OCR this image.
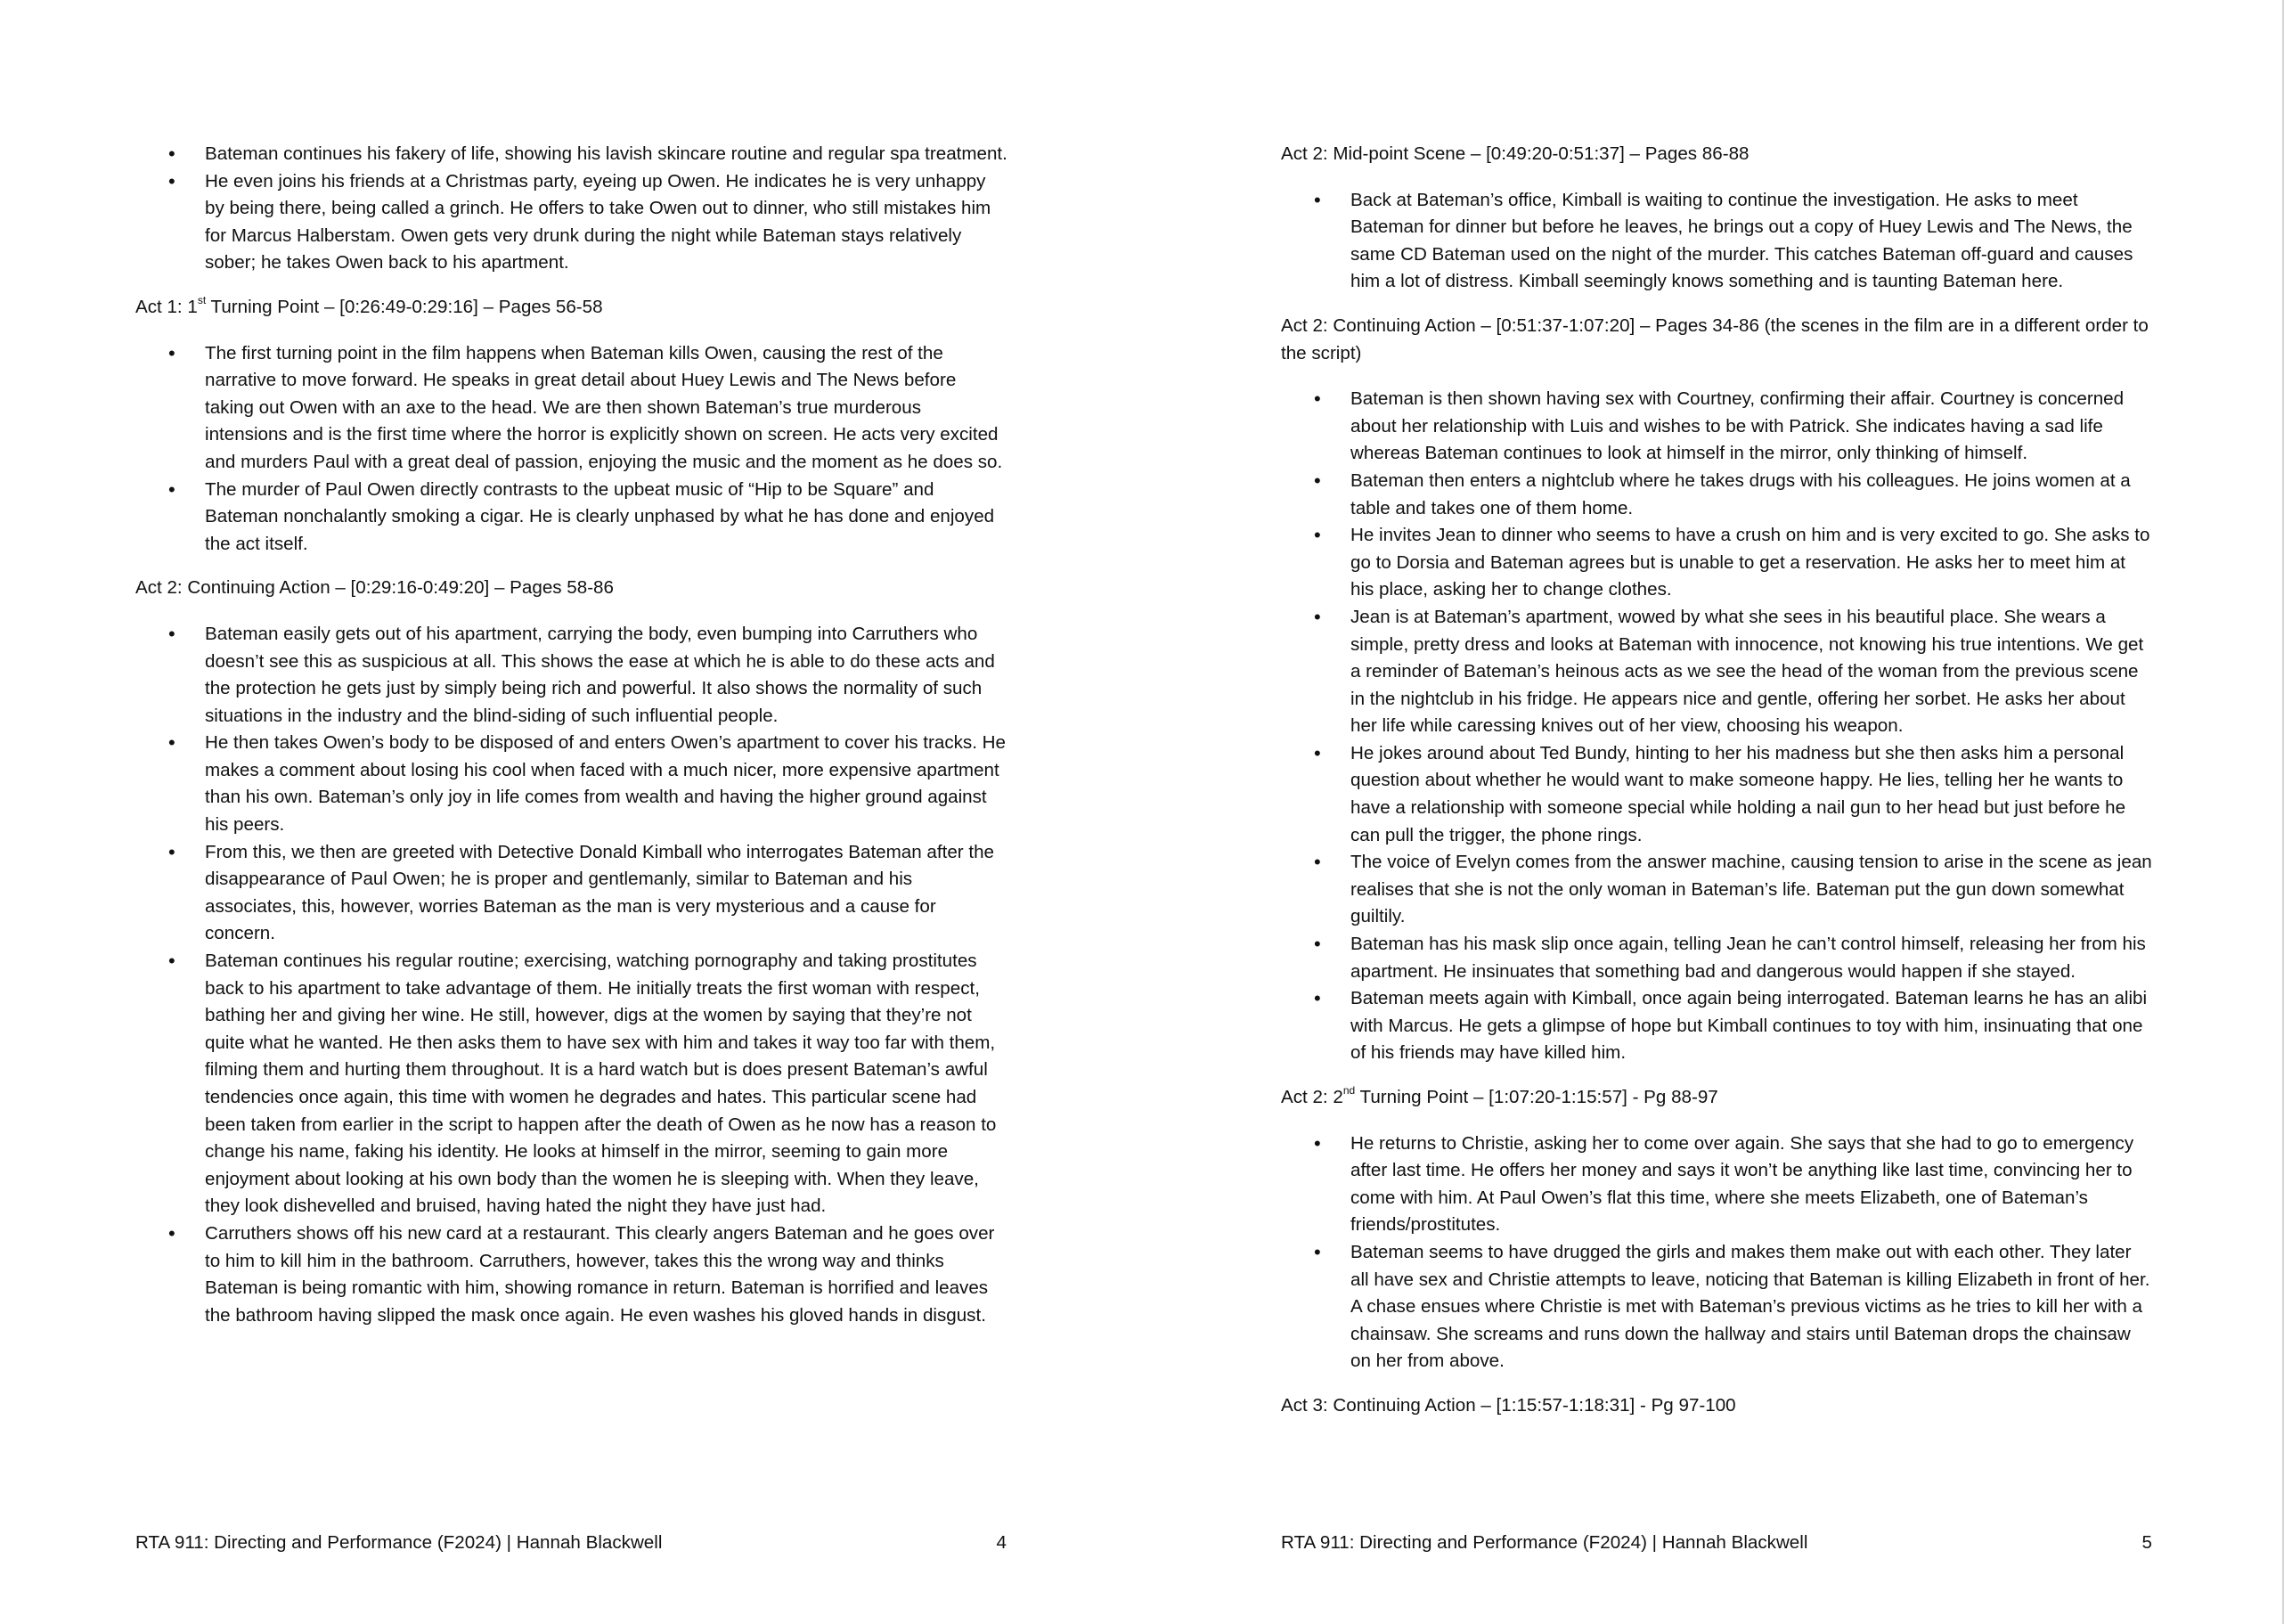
• Bateman continues his fakery of life, showing his lavish skincare routine and regular spa treatment.
• He even joins his friends at a Christmas party, eyeing up Owen. He indicates he is very unhappy by being there, being called a grinch. He offers to take Owen out to dinner, who still mistakes him for Marcus Halberstam. Owen gets very drunk during the night while Bateman stays relatively sober; he takes Owen back to his apartment.

Act 1: 1st Turning Point – [0:26:49-0:29:16] – Pages 56-58

• The first turning point in the film happens when Bateman kills Owen, causing the rest of the narrative to move forward. He speaks in great detail about Huey Lewis and The News before taking out Owen with an axe to the head. We are then shown Bateman’s true murderous intensions and is the first time where the horror is explicitly shown on screen. He acts very excited and murders Paul with a great deal of passion, enjoying the music and the moment as he does so.
• The murder of Paul Owen directly contrasts to the upbeat music of “Hip to be Square” and Bateman nonchalantly smoking a cigar. He is clearly unphased by what he has done and enjoyed the act itself.

Act 2: Continuing Action – [0:29:16-0:49:20] – Pages 58-86

• Bateman easily gets out of his apartment, carrying the body, even bumping into Carruthers who doesn’t see this as suspicious at all. This shows the ease at which he is able to do these acts and the protection he gets just by simply being rich and powerful. It also shows the normality of such situations in the industry and the blind-siding of such influential people.
• He then takes Owen’s body to be disposed of and enters Owen’s apartment to cover his tracks. He makes a comment about losing his cool when faced with a much nicer, more expensive apartment than his own. Bateman’s only joy in life comes from wealth and having the higher ground against his peers.
• From this, we then are greeted with Detective Donald Kimball who interrogates Bateman after the disappearance of Paul Owen; he is proper and gentlemanly, similar to Bateman and his associates, this, however, worries Bateman as the man is very mysterious and a cause for concern.
• Bateman continues his regular routine; exercising, watching pornography and taking prostitutes back to his apartment to take advantage of them. He initially treats the first woman with respect, bathing her and giving her wine. He still, however, digs at the women by saying that they’re not quite what he wanted. He then asks them to have sex with him and takes it way too far with them, filming them and hurting them throughout. It is a hard watch but is does present Bateman’s awful tendencies once again, this time with women he degrades and hates. This particular scene had been taken from earlier in the script to happen after the death of Owen as he now has a reason to change his name, faking his identity. He looks at himself in the mirror, seeming to gain more enjoyment about looking at his own body than the women he is sleeping with. When they leave, they look dishevelled and bruised, having hated the night they have just had.
• Carruthers shows off his new card at a restaurant. This clearly angers Bateman and he goes over to him to kill him in the bathroom. Carruthers, however, takes this the wrong way and thinks Bateman is being romantic with him, showing romance in return. Bateman is horrified and leaves the bathroom having slipped the mask once again. He even washes his gloved hands in disgust.
RTA 911: Directing and Performance (F2024) | Hannah Blackwell	4

Act 2: Mid-point Scene – [0:49:20-0:51:37] – Pages 86-88

• Back at Bateman’s office, Kimball is waiting to continue the investigation. He asks to meet Bateman for dinner but before he leaves, he brings out a copy of Huey Lewis and The News, the same CD Bateman used on the night of the murder. This catches Bateman off-guard and causes him a lot of distress. Kimball seemingly knows something and is taunting Bateman here.

Act 2: Continuing Action – [0:51:37-1:07:20] – Pages 34-86 (the scenes in the film are in a different order to the script)

• Bateman is then shown having sex with Courtney, confirming their affair. Courtney is concerned about her relationship with Luis and wishes to be with Patrick. She indicates having a sad life whereas Bateman continues to look at himself in the mirror, only thinking of himself.
• Bateman then enters a nightclub where he takes drugs with his colleagues. He joins women at a table and takes one of them home.
• He invites Jean to dinner who seems to have a crush on him and is very excited to go. She asks to go to Dorsia and Bateman agrees but is unable to get a reservation. He asks her to meet him at his place, asking her to change clothes.
• Jean is at Bateman’s apartment, wowed by what she sees in his beautiful place. She wears a simple, pretty dress and looks at Bateman with innocence, not knowing his true intentions. We get a reminder of Bateman’s heinous acts as we see the head of the woman from the previous scene in the nightclub in his fridge. He appears nice and gentle, offering her sorbet. He asks her about her life while caressing knives out of her view, choosing his weapon.
• He jokes around about Ted Bundy, hinting to her his madness but she then asks him a personal question about whether he would want to make someone happy. He lies, telling her he wants to have a relationship with someone special while holding a nail gun to her head but just before he can pull the trigger, the phone rings.
• The voice of Evelyn comes from the answer machine, causing tension to arise in the scene as jean realises that she is not the only woman in Bateman’s life. Bateman put the gun down somewhat guiltily.
• Bateman has his mask slip once again, telling Jean he can’t control himself, releasing her from his apartment. He insinuates that something bad and dangerous would happen if she stayed.
• Bateman meets again with Kimball, once again being interrogated. Bateman learns he has an alibi with Marcus. He gets a glimpse of hope but Kimball continues to toy with him, insinuating that one of his friends may have killed him.

Act 2: 2nd Turning Point – [1:07:20-1:15:57] - Pg 88-97

• He returns to Christie, asking her to come over again. She says that she had to go to emergency after last time. He offers her money and says it won’t be anything like last time, convincing her to come with him. At Paul Owen’s flat this time, where she meets Elizabeth, one of Bateman’s friends/prostitutes.
• Bateman seems to have drugged the girls and makes them make out with each other. They later all have sex and Christie attempts to leave, noticing that Bateman is killing Elizabeth in front of her. A chase ensues where Christie is met with Bateman’s previous victims as he tries to kill her with a chainsaw. She screams and runs down the hallway and stairs until Bateman drops the chainsaw on her from above.

Act 3: Continuing Action – [1:15:57-1:18:31] - Pg 97-100

RTA 911: Directing and Performance (F2024) | Hannah Blackwell	5
